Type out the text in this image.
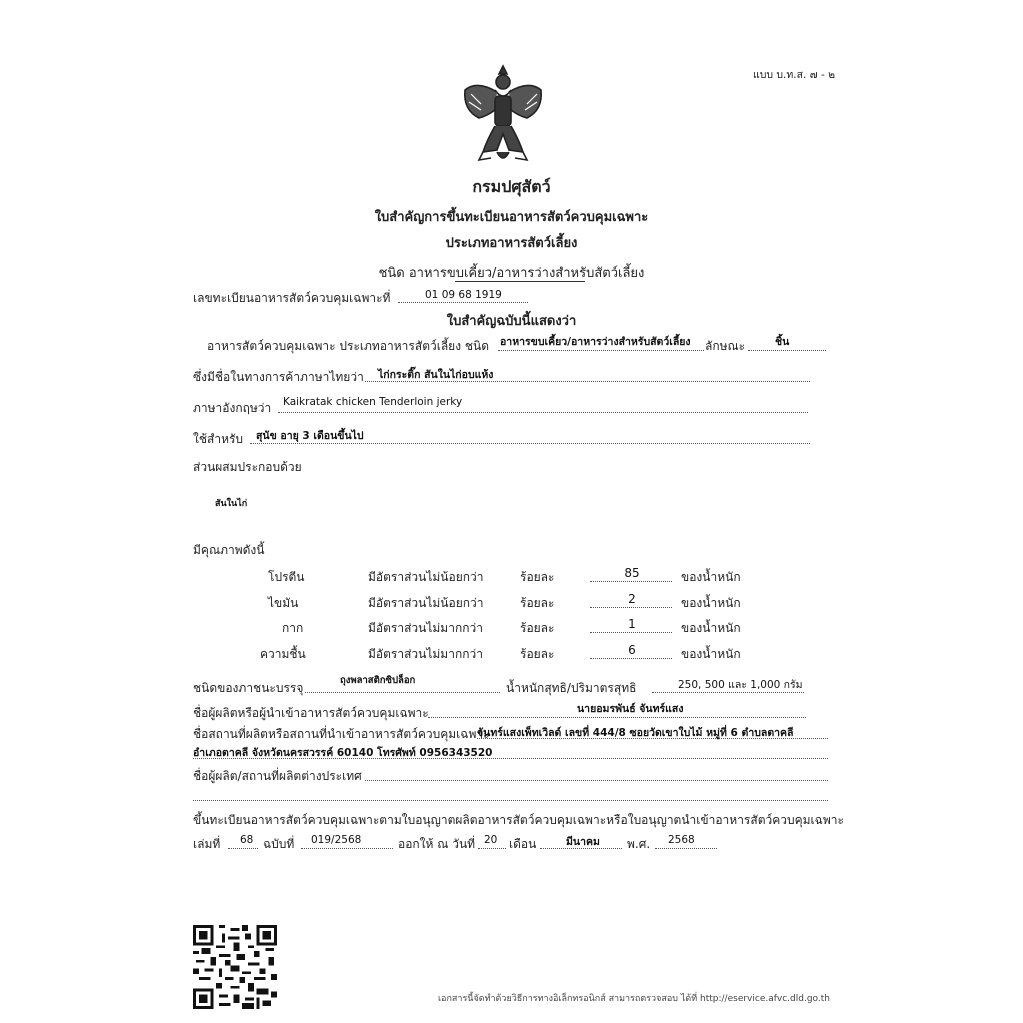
แบบ บ.ท.ส. ๗ - ๒
กรมปศุสัตว์
ใบสำคัญการขึ้นทะเบียนอาหารสัตว์ควบคุมเฉพาะ
ประเภทอาหารสัตว์เลี้ยง
ชนิด อาหารขบเคี้ยว/อาหารว่างสำหรับสัตว์เลี้ยง
เลขทะเบียนอาหารสัตว์ควบคุมเฉพาะที่	01 09 68 1919
ใบสำคัญฉบับนี้แสดงว่า
อาหารสัตว์ควบคุมเฉพาะ ประเภทอาหารสัตว์เลี้ยง ชนิด อาหารขบเคี้ยว/อาหารว่างสำหรับสัตว์เลี้ยง ลักษณะ	ชิ้น
ซึ่งมีชื่อในทางการค้าภาษาไทยว่า ไก่กระติ๊ก สันในไก่อบแห้ง
ภาษาอังกฤษว่า Kaikratak chicken Tenderloin jerky
ใช้สำหรับ สุนัข อายุ 3 เดือนขึ้นไป
ส่วนผสมประกอบด้วย
สันในไก่
มีคุณภาพดังนี้
โปรตีน	มีอัตราส่วนไม่น้อยกว่า	ร้อยละ	85	ของน้ำหนัก
ไขมัน	มีอัตราส่วนไม่น้อยกว่า	ร้อยละ	2	ของน้ำหนัก
กาก	มีอัตราส่วนไม่มากกว่า	ร้อยละ	1	ของน้ำหนัก
ความชื้น	มีอัตราส่วนไม่มากกว่า	ร้อยละ	6	ของน้ำหนัก
ชนิดของภาชนะบรรจุ
ถุงพลาสติกซิปล็อก
น้ำหนักสุทธิ/ปริมาตรสุทธิ	250, 500 และ 1,000 กรัม
ชื่อผู้ผลิตหรือผู้นำเข้าอาหารสัตว์ควบคุมเฉพาะ	นายอมรพันธ์ จันทร์แสง
ชื่อสถานที่ผลิตหรือสถานที่นำเข้าอาหารสัตว์ควบคุมเฉพาะ
จันทร์แสงเพ็ทเวิลด์ เลขที่ 444/8 ซอยวัดเขาใบไม้ หมู่ที่ 6 ตำบลตาคลี
อำเภอตาคลี จังหวัดนครสวรรค์ 60140 โทรศัพท์ 0956343520
ชื่อผู้ผลิต/สถานที่ผลิตต่างประเทศ
ขึ้นทะเบียนอาหารสัตว์ควบคุมเฉพาะตามใบอนุญาตผลิตอาหารสัตว์ควบคุมเฉพาะหรือใบอนุญาตนำเข้าอาหารสัตว์ควบคุมเฉพาะ
เล่มที่ 68 ฉบับที่ 019/2568	ออกให้ ณ วันที่ 20 เดือน	มีนาคม พ.ศ. 2568
เอกสารนี้จัดทำด้วยวิธีการทางอิเล็กทรอนิกส์ สามารถตรวจสอบ ได้ที่ http://eservice.afvc.dld.go.th
